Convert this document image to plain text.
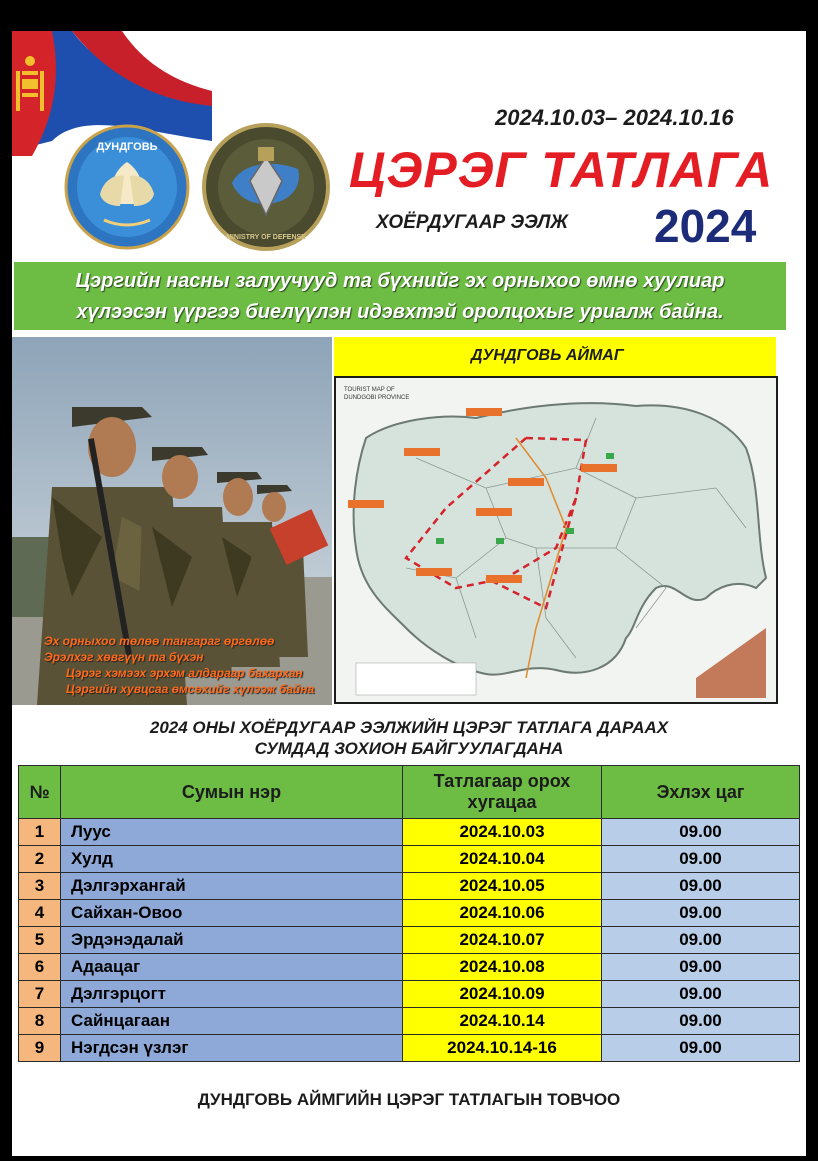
2024.10.03– 2024.10.16
ДУНДГОВЬ
MINISTRY OF DEFENSE
ЦЭРЭГ ТАТЛАГА
ХОЁРДУГААР ЭЭЛЖ 2024
Цэргийн насны залуучууд та бүхнийг эх орныхоо өмнө хуулиар
хүлээсэн үүргээ биелүүлэн идэвхтэй оролцохыг уриалж байна.
Эх орныхоо төлөө тангараг өргөлөө
Эрэлхэг хөвгүүн та бүхэн
Цэрэг хэмээх эрхэм алдараар бахархан
Цэргийн хувцсаа өмсөхийг хүлээж байна
ДУНДГОВЬ АЙМАГ
TOURIST MAP OF DUNDGOBI PROVINCE
2024 ОНЫ ХОЁРДУГААР ЭЭЛЖИЙН ЦЭРЭГ ТАТЛАГА ДАРААХ
СУМДАД ЗОХИОН БАЙГУУЛАГДАНА
№	Сумын нэр	Татлагаар орох хугацаа	Эхлэх цаг
1	Луус	2024.10.03	09.00
2	Хулд	2024.10.04	09.00
3	Дэлгэрхангай	2024.10.05	09.00
4	Сайхан-Овоо	2024.10.06	09.00
5	Эрдэнэдалай	2024.10.07	09.00
6	Адаацаг	2024.10.08	09.00
7	Дэлгэрцогт	2024.10.09	09.00
8	Сайнцагаан	2024.10.14	09.00
9	Нэгдсэн үзлэг	2024.10.14-16	09.00
ДУНДГОВЬ АЙМГИЙН ЦЭРЭГ ТАТЛАГЫН ТОВЧОО
